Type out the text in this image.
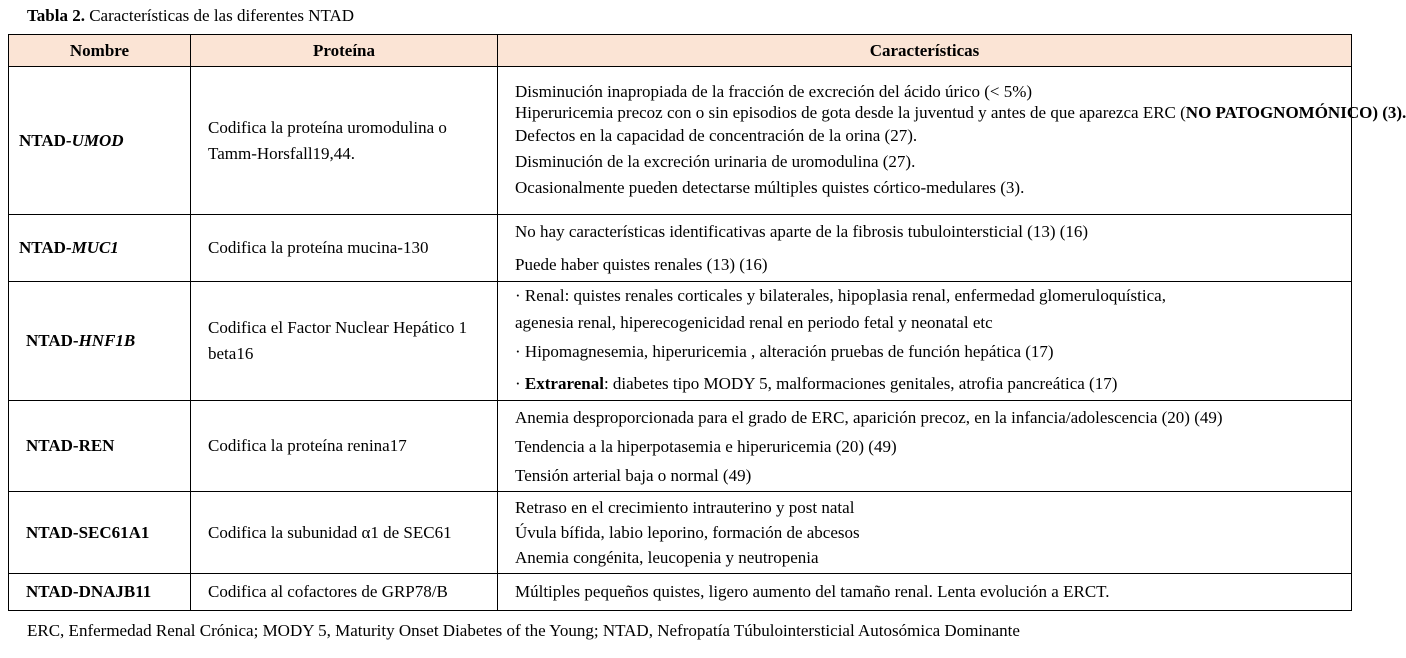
Tabla 2. Características de las diferentes NTAD
Nombre	Proteína	Características
NTAD-UMOD	Codifica la proteína uromodulina o Tamm-Horsfall19,44.	Disminución inapropiada de la fracción de excreción del ácido úrico (< 5%)
Hiperuricemia precoz con o sin episodios de gota desde la juventud y antes de que aparezca ERC (NO PATOGNOMÓNICO) (3).
Defectos en la capacidad de concentración de la orina (27).
Disminución de la excreción urinaria de uromodulina (27).
Ocasionalmente pueden detectarse múltiples quistes córtico-medulares (3).

NTAD-MUC1	Codifica la proteína mucina-130	No hay características identificativas aparte de la fibrosis tubulointersticial (13) (16)
Puede haber quistes renales (13) (16)

NTAD-HNF1B	Codifica el Factor Nuclear Hepático 1 beta16	· Renal: quistes renales corticales y bilaterales, hipoplasia renal, enfermedad glomeruloquística,
agenesia renal, hiperecogenicidad renal en periodo fetal y neonatal etc
· Hipomagnesemia, hiperuricemia , alteración pruebas de función hepática (17)
· Extrarenal: diabetes tipo MODY 5, malformaciones genitales, atrofia pancreática (17)

NTAD-REN	Codifica la proteína renina17	Anemia desproporcionada para el grado de ERC, aparición precoz, en la infancia/adolescencia (20) (49)
Tendencia a la hiperpotasemia e hiperuricemia (20) (49)
Tensión arterial baja o normal (49)

NTAD-SEC61A1	Codifica la subunidad α1 de SEC61	Retraso en el crecimiento intrauterino y post natal
Úvula bífida, labio leporino, formación de abcesos
Anemia congénita, leucopenia y neutropenia

NTAD-DNAJB11	Codifica al cofactores de GRP78/B	Múltiples pequeños quistes, ligero aumento del tamaño renal. Lenta evolución a ERCT.
ERC, Enfermedad Renal Crónica; MODY 5, Maturity Onset Diabetes of the Young; NTAD, Nefropatía Túbulointersticial Autosómica Dominante
